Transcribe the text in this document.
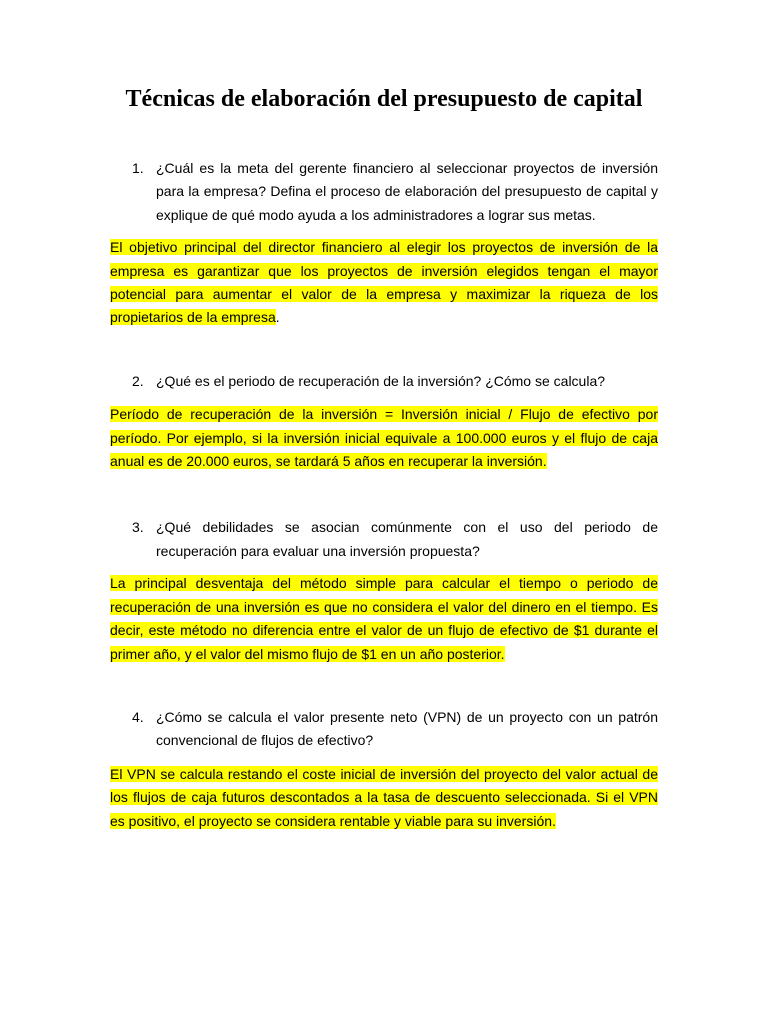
Técnicas de elaboración del presupuesto de capital
1. ¿Cuál es la meta del gerente financiero al seleccionar proyectos de inversión para la empresa? Defina el proceso de elaboración del presupuesto de capital y explique de qué modo ayuda a los administradores a lograr sus metas.
El objetivo principal del director financiero al elegir los proyectos de inversión de la empresa es garantizar que los proyectos de inversión elegidos tengan el mayor potencial para aumentar el valor de la empresa y maximizar la riqueza de los propietarios de la empresa.
2. ¿Qué es el periodo de recuperación de la inversión? ¿Cómo se calcula?
Período de recuperación de la inversión = Inversión inicial / Flujo de efectivo por período. Por ejemplo, si la inversión inicial equivale a 100.000 euros y el flujo de caja anual es de 20.000 euros, se tardará 5 años en recuperar la inversión.
3. ¿Qué debilidades se asocian comúnmente con el uso del periodo de recuperación para evaluar una inversión propuesta?
La principal desventaja del método simple para calcular el tiempo o periodo de recuperación de una inversión es que no considera el valor del dinero en el tiempo. Es decir, este método no diferencia entre el valor de un flujo de efectivo de $1 durante el primer año, y el valor del mismo flujo de $1 en un año posterior.
4. ¿Cómo se calcula el valor presente neto (VPN) de un proyecto con un patrón convencional de flujos de efectivo?
El VPN se calcula restando el coste inicial de inversión del proyecto del valor actual de los flujos de caja futuros descontados a la tasa de descuento seleccionada. Si el VPN es positivo, el proyecto se considera rentable y viable para su inversión.
